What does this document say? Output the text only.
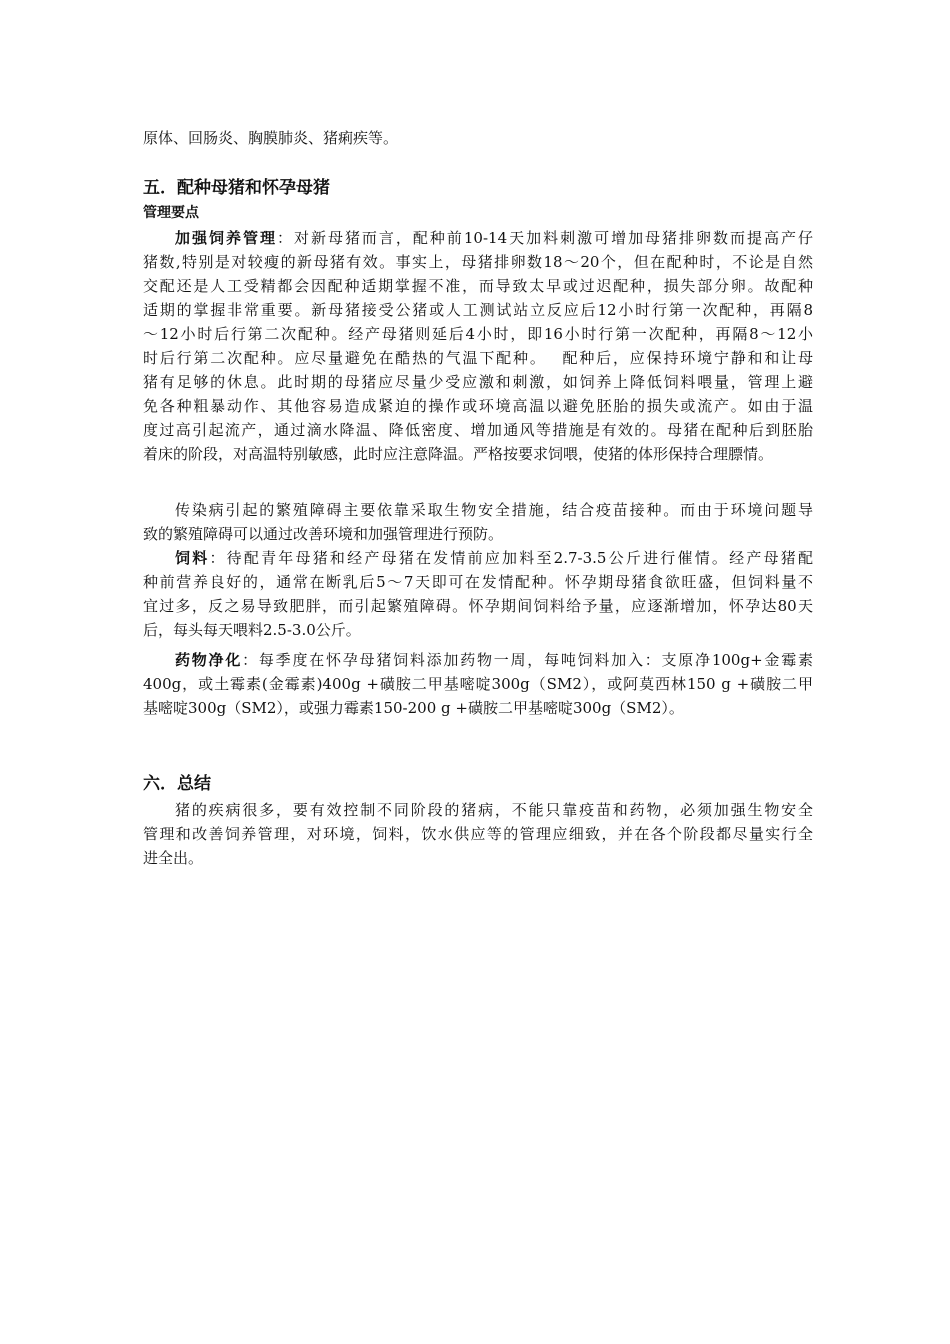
原体、回肠炎、胸膜肺炎、猪痢疾等。
五．配种母猪和怀孕母猪
管理要点
加强饲养管理：对新母猪而言，配种前10-14天加料刺激可增加母猪排卵数而提高产仔
猪数,特别是对较瘦的新母猪有效。事实上，母猪排卵数18～20个，但在配种时，不论是自然
交配还是人工受精都会因配种适期掌握不准，而导致太早或过迟配种，损失部分卵。故配种
适期的掌握非常重要。新母猪接受公猪或人工测试站立反应后12小时行第一次配种，再隔8
～12小时后行第二次配种。经产母猪则延后4小时，即16小时行第一次配种，再隔8～12小
时后行第二次配种。应尽量避免在酷热的气温下配种。　 配种后，应保持环境宁静和和让母
猪有足够的休息。此时期的母猪应尽量少受应激和刺激，如饲养上降低饲料喂量，管理上避
免各种粗暴动作、其他容易造成紧迫的操作或环境高温以避免胚胎的损失或流产。如由于温
度过高引起流产，通过滴水降温、降低密度、增加通风等措施是有效的。母猪在配种后到胚胎
着床的阶段，对高温特别敏感，此时应注意降温。严格按要求饲喂，使猪的体形保持合理膘情。
传染病引起的繁殖障碍主要依靠采取生物安全措施，结合疫苗接种。而由于环境问题导
致的繁殖障碍可以通过改善环境和加强管理进行预防。
饲料：待配青年母猪和经产母猪在发情前应加料至2.7-3.5公斤进行催情。经产母猪配
种前营养良好的，通常在断乳后5～7天即可在发情配种。怀孕期母猪食欲旺盛，但饲料量不
宜过多，反之易导致肥胖，而引起繁殖障碍。怀孕期间饲料给予量，应逐渐增加，怀孕达80天
后，每头每天喂料2.5-3.0公斤。
药物净化：每季度在怀孕母猪饲料添加药物一周，每吨饲料加入：支原净100g+金霉素
400g，或土霉素(金霉素)400g +磺胺二甲基嘧啶300g（SM2），或阿莫西林150 g +磺胺二甲
基嘧啶300g（SM2），或强力霉素150-200 g +磺胺二甲基嘧啶300g（SM2）。
六．总结
猪的疾病很多，要有效控制不同阶段的猪病，不能只靠疫苗和药物，必须加强生物安全
管理和改善饲养管理，对环境，饲料，饮水供应等的管理应细致，并在各个阶段都尽量实行全
进全出。
